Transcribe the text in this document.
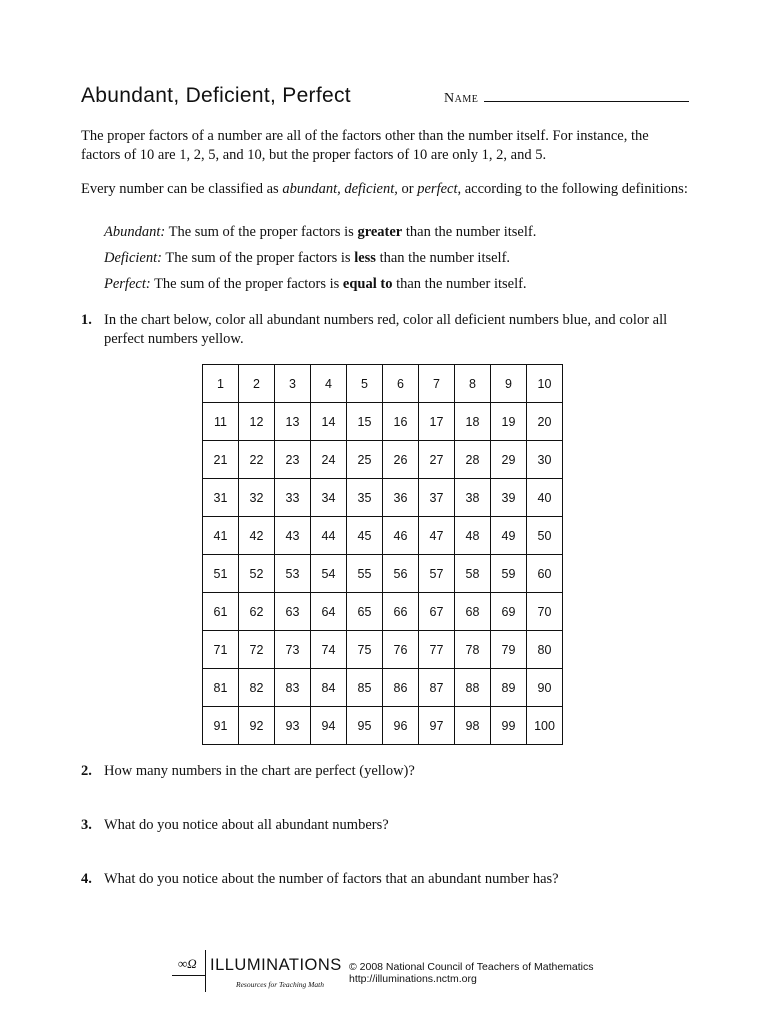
Abundant, Deficient, Perfect	Name
The proper factors of a number are all of the factors other than the number itself. For instance, the factors of 10 are 1, 2, 5, and 10, but the proper factors of 10 are only 1, 2, and 5.
Every number can be classified as abundant, deficient, or perfect, according to the following definitions:
Abundant: The sum of the proper factors is greater than the number itself.
Deficient: The sum of the proper factors is less than the number itself.
Perfect: The sum of the proper factors is equal to than the number itself.
1. In the chart below, color all abundant numbers red, color all deficient numbers blue, and color all perfect numbers yellow.
1	2	3	4	5	6	7	8	9	10
11	12	13	14	15	16	17	18	19	20
21	22	23	24	25	26	27	28	29	30
31	32	33	34	35	36	37	38	39	40
41	42	43	44	45	46	47	48	49	50
51	52	53	54	55	56	57	58	59	60
61	62	63	64	65	66	67	68	69	70
71	72	73	74	75	76	77	78	79	80
81	82	83	84	85	86	87	88	89	90
91	92	93	94	95	96	97	98	99	100
2. How many numbers in the chart are perfect (yellow)?
3. What do you notice about all abundant numbers?
4. What do you notice about the number of factors that an abundant number has?
∞Ω ILLUMINATIONS
Resources for Teaching Math
© 2008 National Council of Teachers of Mathematics
http://illuminations.nctm.org
